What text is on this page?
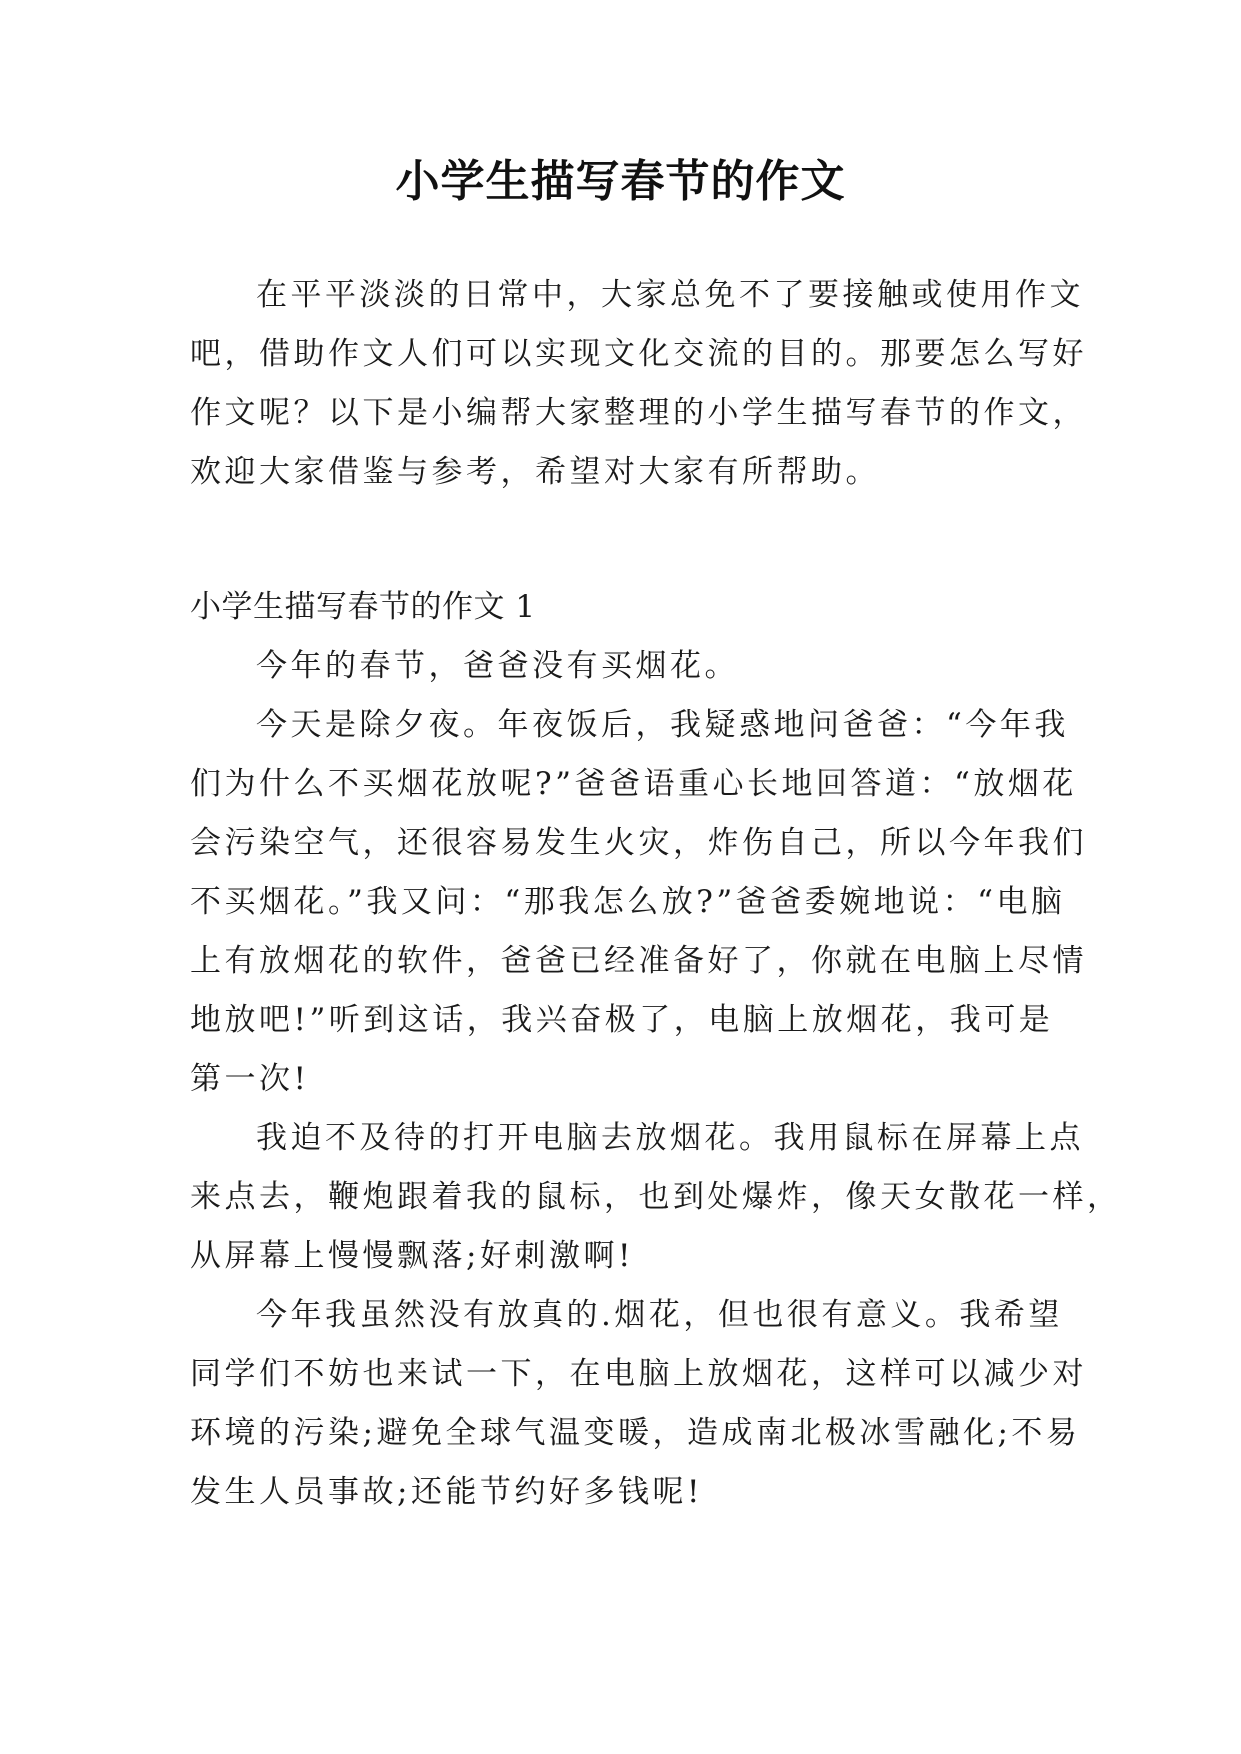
小学生描写春节的作文
在平平淡淡的日常中，大家总免不了要接触或使用作文
吧，借助作文人们可以实现文化交流的目的。那要怎么写好
作文呢？以下是小编帮大家整理的小学生描写春节的作文，
欢迎大家借鉴与参考，希望对大家有所帮助。

小学生描写春节的作文 1

今年的春节，爸爸没有买烟花。
今天是除夕夜。年夜饭后，我疑惑地问爸爸：“今年我
们为什么不买烟花放呢?”爸爸语重心长地回答道：“放烟花
会污染空气，还很容易发生火灾，炸伤自己，所以今年我们
不买烟花。”我又问：“那我怎么放?”爸爸委婉地说：“电脑
上有放烟花的软件，爸爸已经准备好了，你就在电脑上尽情
地放吧!”听到这话，我兴奋极了，电脑上放烟花，我可是
第一次!
我迫不及待的打开电脑去放烟花。我用鼠标在屏幕上点
来点去，鞭炮跟着我的鼠标，也到处爆炸，像天女散花一样，
从屏幕上慢慢飘落;好刺激啊!
今年我虽然没有放真的.烟花，但也很有意义。我希望
同学们不妨也来试一下，在电脑上放烟花，这样可以减少对
环境的污染;避免全球气温变暖，造成南北极冰雪融化;不易
发生人员事故;还能节约好多钱呢!
